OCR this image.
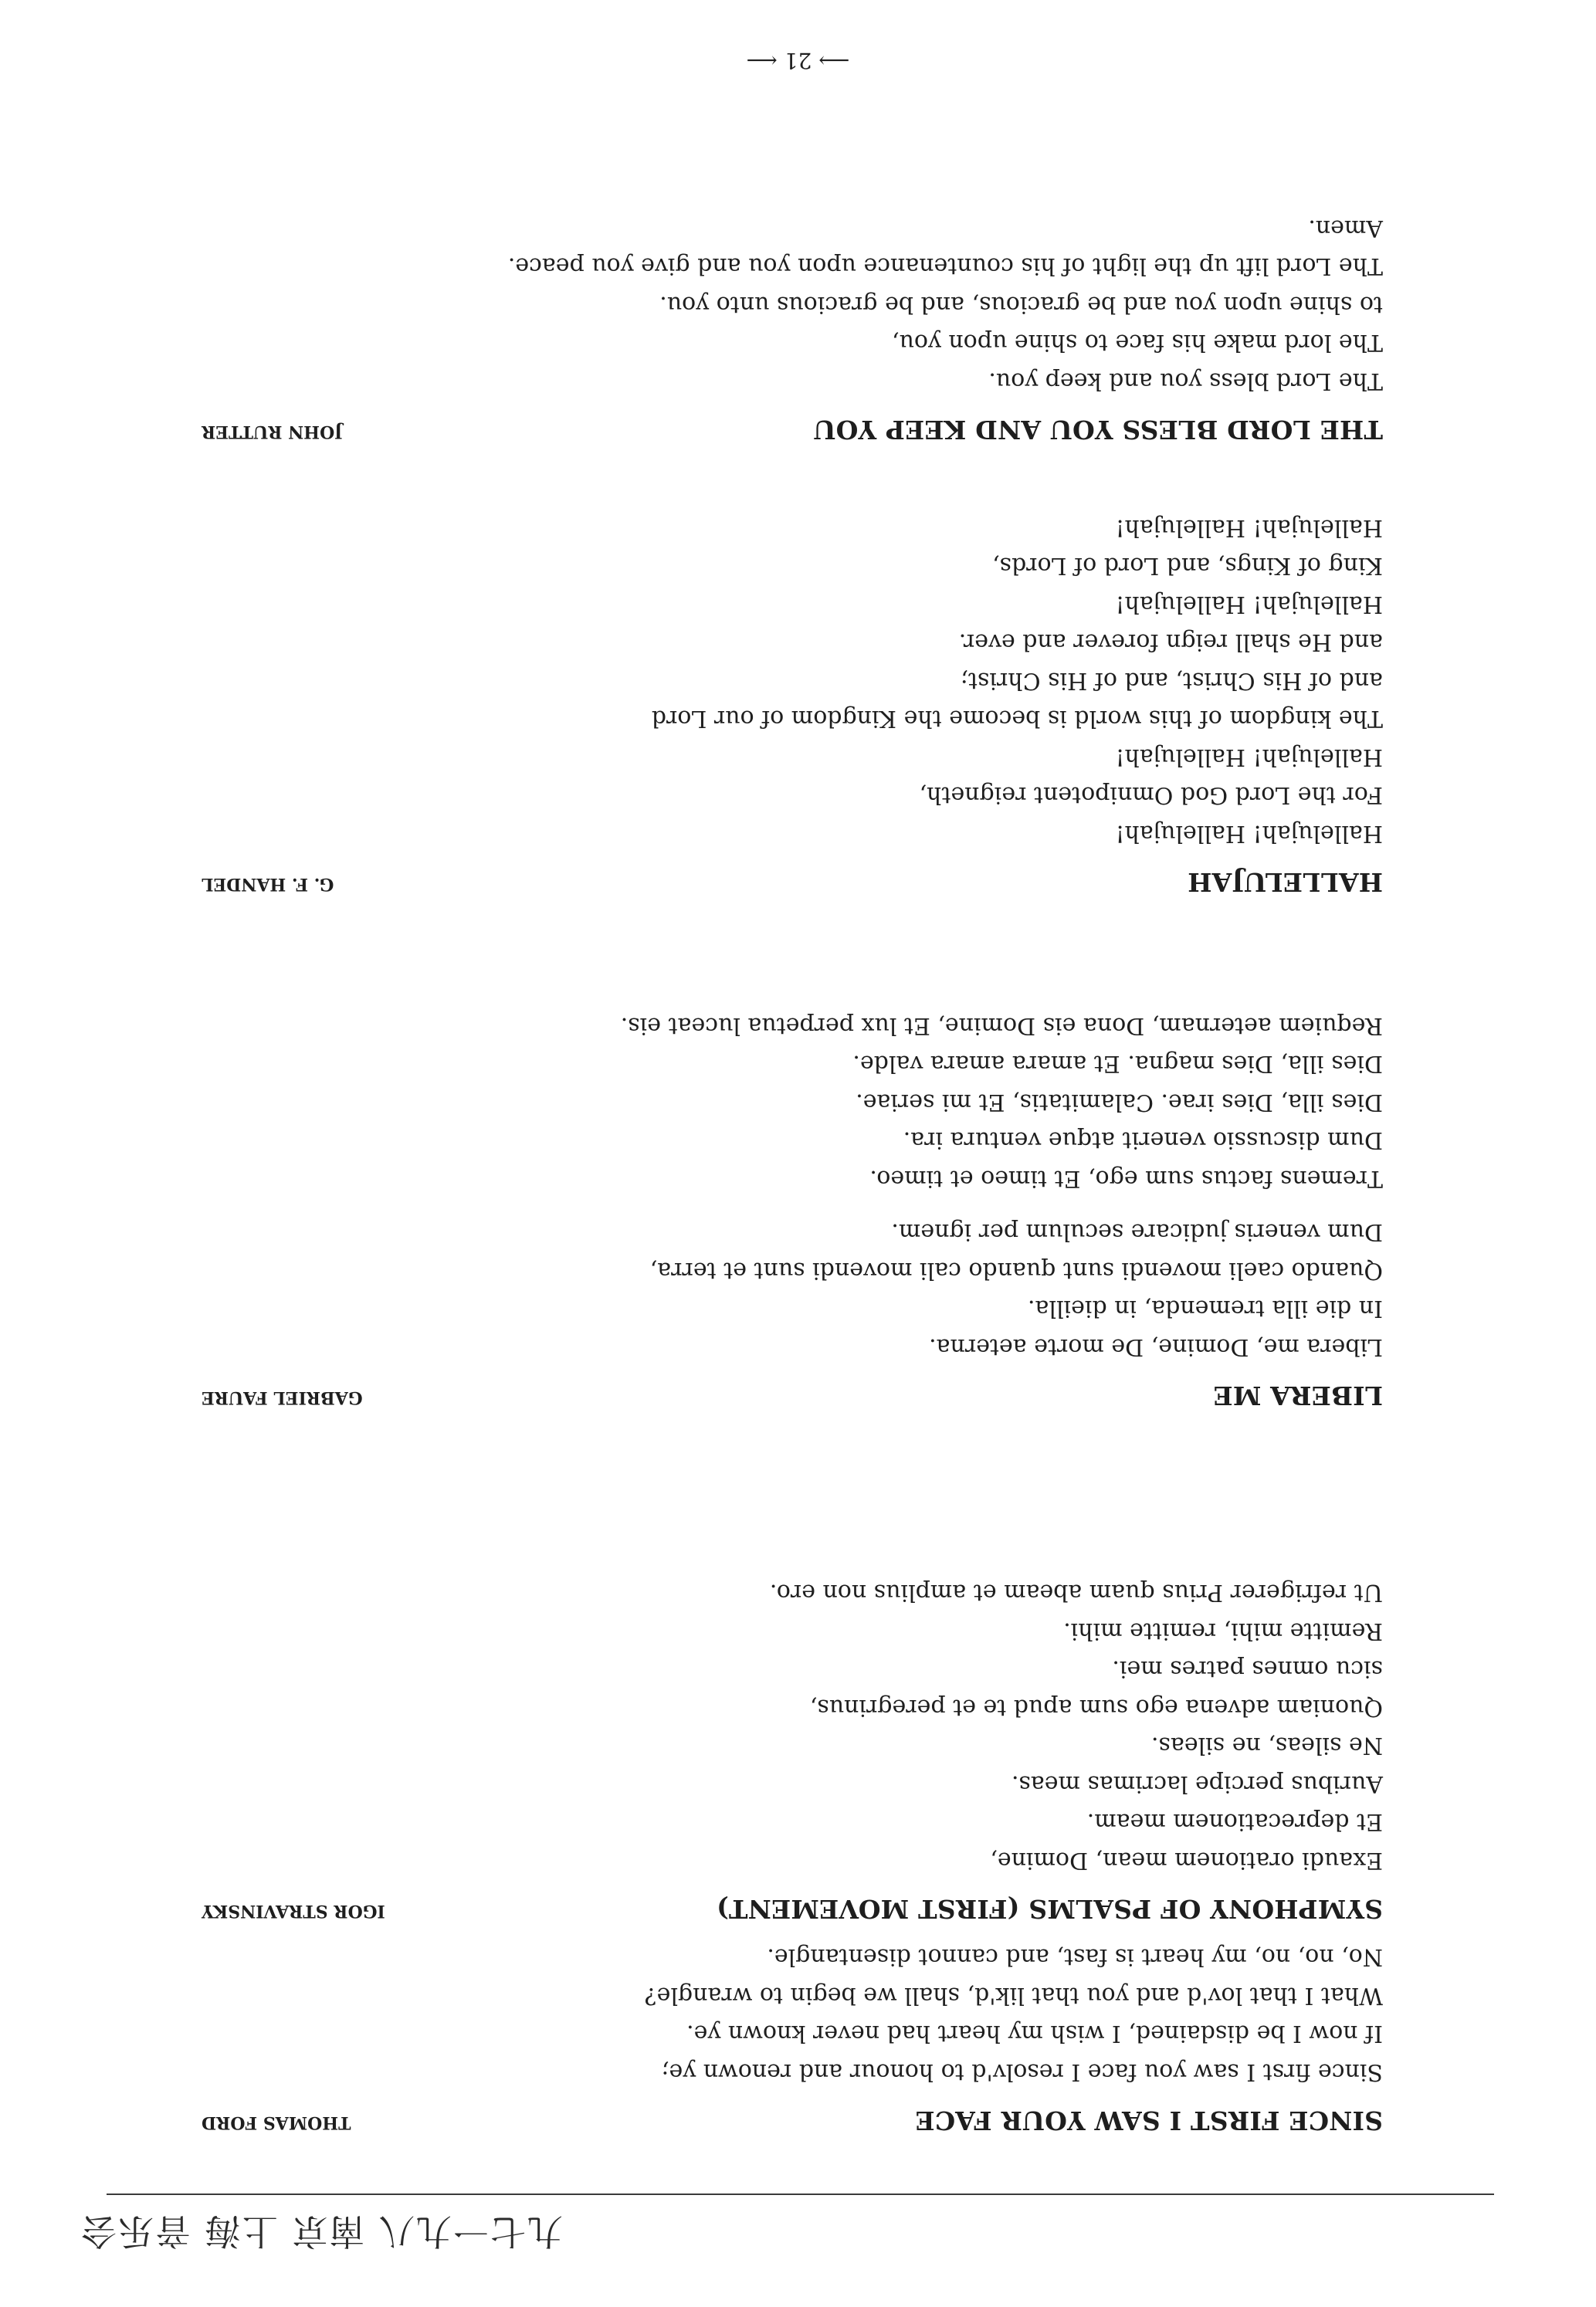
九七一九八 南京 上海 音乐会
SINCE FIRST I SAW YOUR FACE
THOMAS FORD
Since first I saw you face I resolv'd to honour and renown ye;
If now I be disdained, I wish my heart had never known ye.
What I that lov'd and you that lik'd, shall we begin to wrangle?
No, no, no, my heart is fast, and cannot disentangle.
SYMPHONY OF PSALMS (FIRST MOVEMENT)
IGOR STRAVINSKY
Exaudi orationem mean, Domine,
Et deprecationem meam.
Auribus percipe lacrimas meas.
Ne sileas, ne sileas.
Quoniam advena ego sum apud te et peregrinus,
sicu omnes patres mei.
Remitte mihi, remitte mihi.
Ut refrigerer Prius quam abeam et amplius non ero.
LIBERA ME
GABRIEL FAURE
Libera me, Domine, De morte aeterna.
In die illa tremenda, in dieilla.
Quando caeli movendi sunt quando cali movendi sunt et terra,
Dum veneris judicare seculum per ignem.
Tremens factus sum ego, Et timeo et timeo.
Dum discussio venerit atque ventura ira.
Dies illa, Dies irae. Calamitatis, Et mi seriae.
Dies illa, Dies magna. Et amara amara valde.
Requiem aeternam, Dona eis Domine, Et lux perpetua luceat eis.
HALLELUJAH
G. F. HANDEL
Hallelujah! Hallelujah!
For the Lord God Omnipotent reigneth,
Hallelujah! Hallelujah!
The kingdom of this world is become the Kingdom of our Lord
and of His Christ, and of His Christ;
and He shall reign forever and ever.
Hallelujah! Hallelujah!
King of Kings, and Lord of Lords,
Hallelujah! Hallelujah!
THE LORD BLESS YOU AND KEEP YOU
JOHN RUTTER
The Lord bless you and keep you.
The lord make his face to shine upon you,
to shine upon you and be gracious, and be gracious unto you.
The Lord lift up the light of his countenance upon you and give you peace.
Amen.
⟶ 21 ⟵
